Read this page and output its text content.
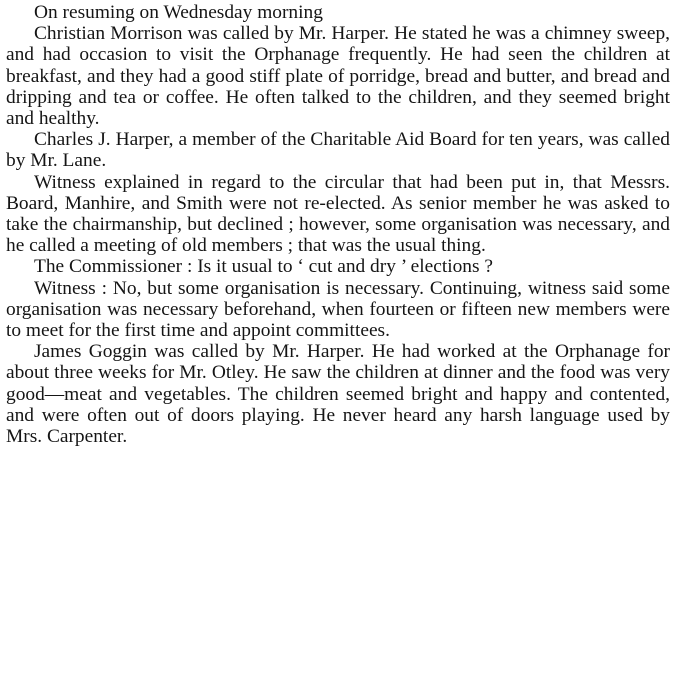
On resuming on Wednesday morning

Christian Morrison was called by Mr. Harper. He stated he was a chimney sweep, and had occasion to visit the Orphanage frequently. He had seen the children at breakfast, and they had a good stiff plate of porridge, bread and butter, and bread and dripping and tea or coffee. He often talked to the children, and they seemed bright and healthy.

Charles J. Harper, a member of the Charitable Aid Board for ten years, was called by Mr. Lane.

Witness explained in regard to the circular that had been put in, that Messrs. Board, Manhire, and Smith were not re-elected. As senior member he was asked to take the chairmanship, but declined ; however, some organisation was necessary, and he called a meeting of old members ; that was the usual thing.

The Commissioner : Is it usual to ‘ cut and dry ’ elections ?

Witness : No, but some organisation is necessary. Continuing, witness said some organisation was necessary beforehand, when fourteen or fifteen new members were to meet for the first time and appoint committees.

James Goggin was called by Mr. Harper. He had worked at the Orphanage for about three weeks for Mr. Otley. He saw the children at dinner and the food was very good—meat and vegetables. The children seemed bright and happy and contented, and were often out of doors playing. He never heard any harsh language used by Mrs. Carpenter.
